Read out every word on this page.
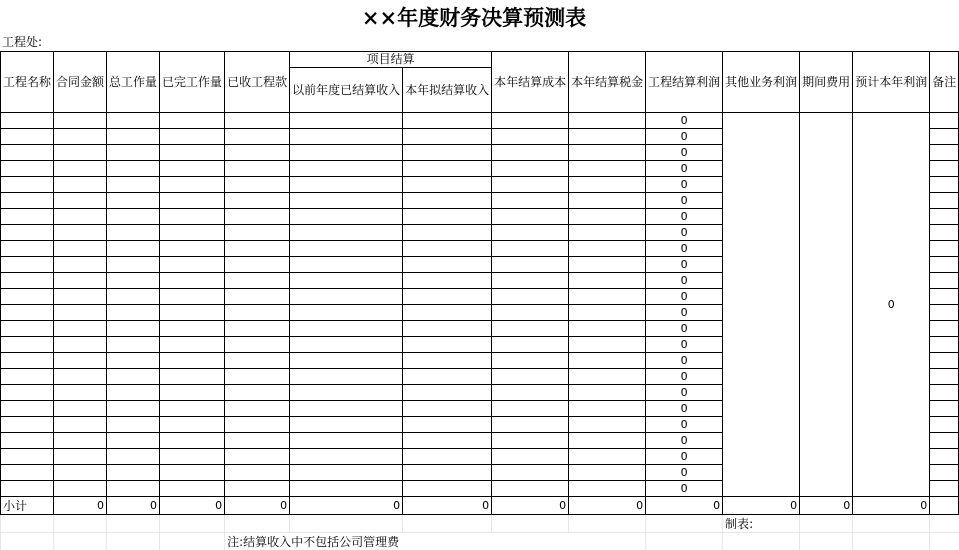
××年度财务决算预测表
工程处:
工程名称	合同金额	总工作量	已完工作量	已收工程款	项目结算		本年结算成本	本年结算税金	工程结算利润	其他业务利润	期间费用	预计本年利润	备注
					以前年度已结算收入	本年拟结算收入							
									0			0	
									0				
									0				
									0				
									0				
									0				
									0				
									0				
									0				
									0				
									0				
									0				
									0				
									0				
									0				
									0				
									0				
									0				
									0				
									0				
									0				
									0				
									0				
									0				
小计	0	0	0	0	0	0	0	0	0	0	0	0	
										制表:			
				注:结算收入中不包括公司管理费									
